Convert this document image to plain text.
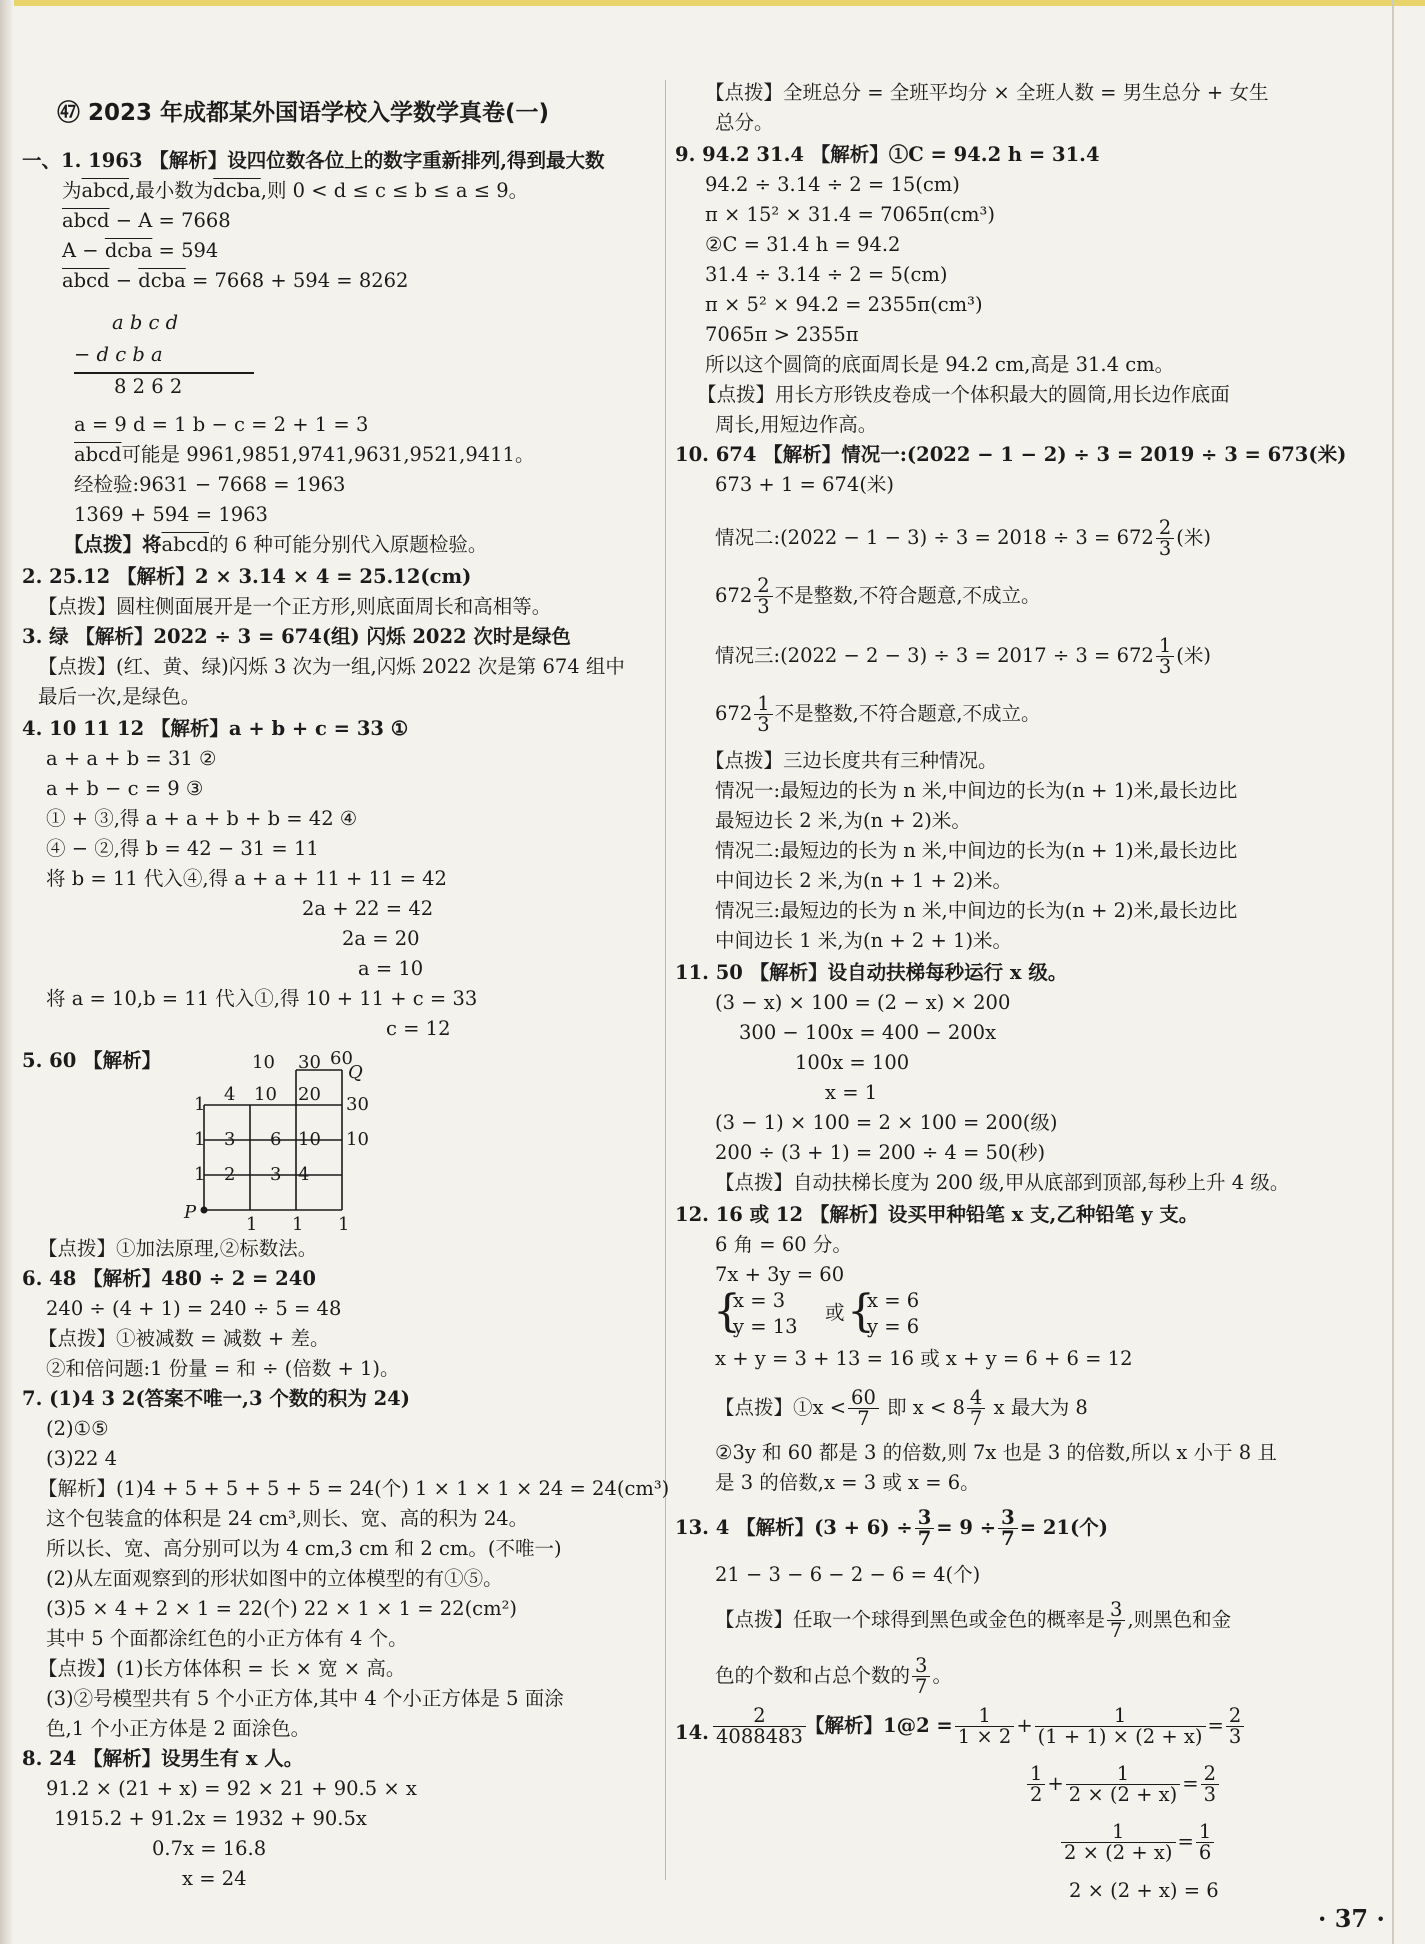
㊼ 2023 年成都某外国语学校入学数学真卷(一)
一、1. 1963 【解析】设四位数各位上的数字重新排列,得到最大数
为abcd,最小数为dcba,则 0 < d ≤ c ≤ b ≤ a ≤ 9。
abcd − A = 7668
A − dcba = 594
abcd − dcba = 7668 + 594 = 8262
a b c d
− d c b a
8 2 6 2
a = 9 d = 1 b − c = 2 + 1 = 3
abcd可能是 9961,9851,9741,9631,9521,9411。
经检验:9631 − 7668 = 1963
1369 + 594 = 1963
【点拨】将abcd的 6 种可能分别代入原题检验。
2. 25.12 【解析】2 × 3.14 × 4 = 25.12(cm)
【点拨】圆柱侧面展开是一个正方形,则底面周长和高相等。
3. 绿 【解析】2022 ÷ 3 = 674(组) 闪烁 2022 次时是绿色
【点拨】(红、黄、绿)闪烁 3 次为一组,闪烁 2022 次是第 674 组中
最后一次,是绿色。
4. 10 11 12 【解析】a + b + c = 33 ①
a + a + b = 31 ②
a + b − c = 9 ③
① + ③,得 a + a + b + b = 42 ④
④ − ②,得 b = 42 − 31 = 11
将 b = 11 代入④,得 a + a + 11 + 11 = 42
2a + 22 = 42
2a = 20
a = 10
将 a = 10,b = 11 代入①,得 10 + 11 + c = 33
c = 12
5. 60 【解析】	10 30 60
Q
1 4 10 20 30
1 3 6 10 10
1 2 3 4
P
1 1 1
【点拨】①加法原理,②标数法。
6. 48 【解析】480 ÷ 2 = 240
240 ÷ (4 + 1) = 240 ÷ 5 = 48
【点拨】①被减数 = 减数 + 差。
②和倍问题:1 份量 = 和 ÷ (倍数 + 1)。
7. (1)4 3 2(答案不唯一,3 个数的积为 24)
(2)①⑤
(3)22 4
【解析】(1)4 + 5 + 5 + 5 + 5 = 24(个) 1 × 1 × 1 × 24 = 24(cm³)
这个包装盒的体积是 24 cm³,则长、宽、高的积为 24。
所以长、宽、高分别可以为 4 cm,3 cm 和 2 cm。(不唯一)
(2)从左面观察到的形状如图中的立体模型的有①⑤。
(3)5 × 4 + 2 × 1 = 22(个) 22 × 1 × 1 = 22(cm²)
其中 5 个面都涂红色的小正方体有 4 个。
【点拨】(1)长方体体积 = 长 × 宽 × 高。
(3)②号模型共有 5 个小正方体,其中 4 个小正方体是 5 面涂
色,1 个小正方体是 2 面涂色。
8. 24 【解析】设男生有 x 人。
91.2 × (21 + x) = 92 × 21 + 90.5 × x
1915.2 + 91.2x = 1932 + 90.5x
0.7x = 16.8
x = 24
【点拨】全班总分 = 全班平均分 × 全班人数 = 男生总分 + 女生
总分。
9. 94.2 31.4 【解析】①C = 94.2 h = 31.4
94.2 ÷ 3.14 ÷ 2 = 15(cm)
π × 15² × 31.4 = 7065π(cm³)
②C = 31.4 h = 94.2
31.4 ÷ 3.14 ÷ 2 = 5(cm)
π × 5² × 94.2 = 2355π(cm³)
7065π > 2355π
所以这个圆筒的底面周长是 94.2 cm,高是 31.4 cm。
【点拨】用长方形铁皮卷成一个体积最大的圆筒,用长边作底面
周长,用短边作高。
10. 674 【解析】情况一:(2022 − 1 − 2) ÷ 3 = 2019 ÷ 3 = 673(米)
673 + 1 = 674(米)
情况二:(2022 − $1 - 3) \div 3 = 2018 \div 3 = 672 \frac{2}{3}$ (米)
$672 \frac{2}{3}$ 不是整数,不符合题意,不成立。
情况三:(2022 − $2 - 3) \div 3 = 2017 \div 3 = 672 \frac{1}{3}$ (米)
$672 \frac{1}{3}$ 不是整数,不符合题意,不成立。
【点拨】三边长度共有三种情况。
情况一:最短边的长为 n 米,中间边的长为(n + 1)米,最长边比
最短边长 2 米,为(n + 2)米。
情况二:最短边的长为 n 米,中间边的长为(n + 1)米,最长边比
中间边长 2 米,为(n + 1 + 2)米。
情况三:最短边的长为 n 米,中间边的长为(n + 2)米,最长边比
中间边长 1 米,为(n + 2 + 1)米。
11. 50 【解析】设自动扶梯每秒运行 x 级。
(3 − x) × 100 = (2 − x) × 200
300 − 100x = 400 − 200x
100x = 100
x = 1
(3 − 1) × 100 = 2 × 100 = 200(级)
200 ÷ (3 + 1) = 200 ÷ 4 = 50(秒)
【点拨】自动扶梯长度为 200 级,甲从底部到顶部,每秒上升 4 级。
12. 16 或 12 【解析】设买甲种铅笔 x 支,乙种铅笔 y 支。
6 角 = 60 分。
7x + 3y = 60
{
x = 3
y = 13
或 {
x = 6
y = 6
x + y = 3 + 13 = 16 或 x + y = 6 + 6 = 12
【点拨】①x < $\frac{60}{7}$ 即 $x < 8 \frac{4}{7}$ x 最大为 8
②3y 和 60 都是 3 的倍数,则 7x 也是 3 的倍数,所以 x 小于 8 且
是 3 的倍数,x = 3 或 x = 6。
13. 4 【解析】$(3 + 6) \div \frac{3}{7} = 9 \div \frac{3}{7} = 21$(个)
21 − 3 − 6 − 2 − 6 = 4(个)
【点拨】任取一个球得到黑色或金色的概率是 $\frac{3}{7}$ ,则黑色和金
色的个数和占总个数的 $\frac{3}{7}$ 。
14. $\frac{2}{4088483}$ 【解析】1@2 = $\frac{1}{1 \times 2} + \frac{1}{(1 + 1) \times (2 + x)} = \frac{2}{3}$
$\frac{1}{2} + \frac{1}{2 \times (2 + x)} = \frac{2}{3}$
$\frac{1}{2 \times (2 + x)} = \frac{1}{6}$
2 × (2 + x) = 6
· 37 ·
